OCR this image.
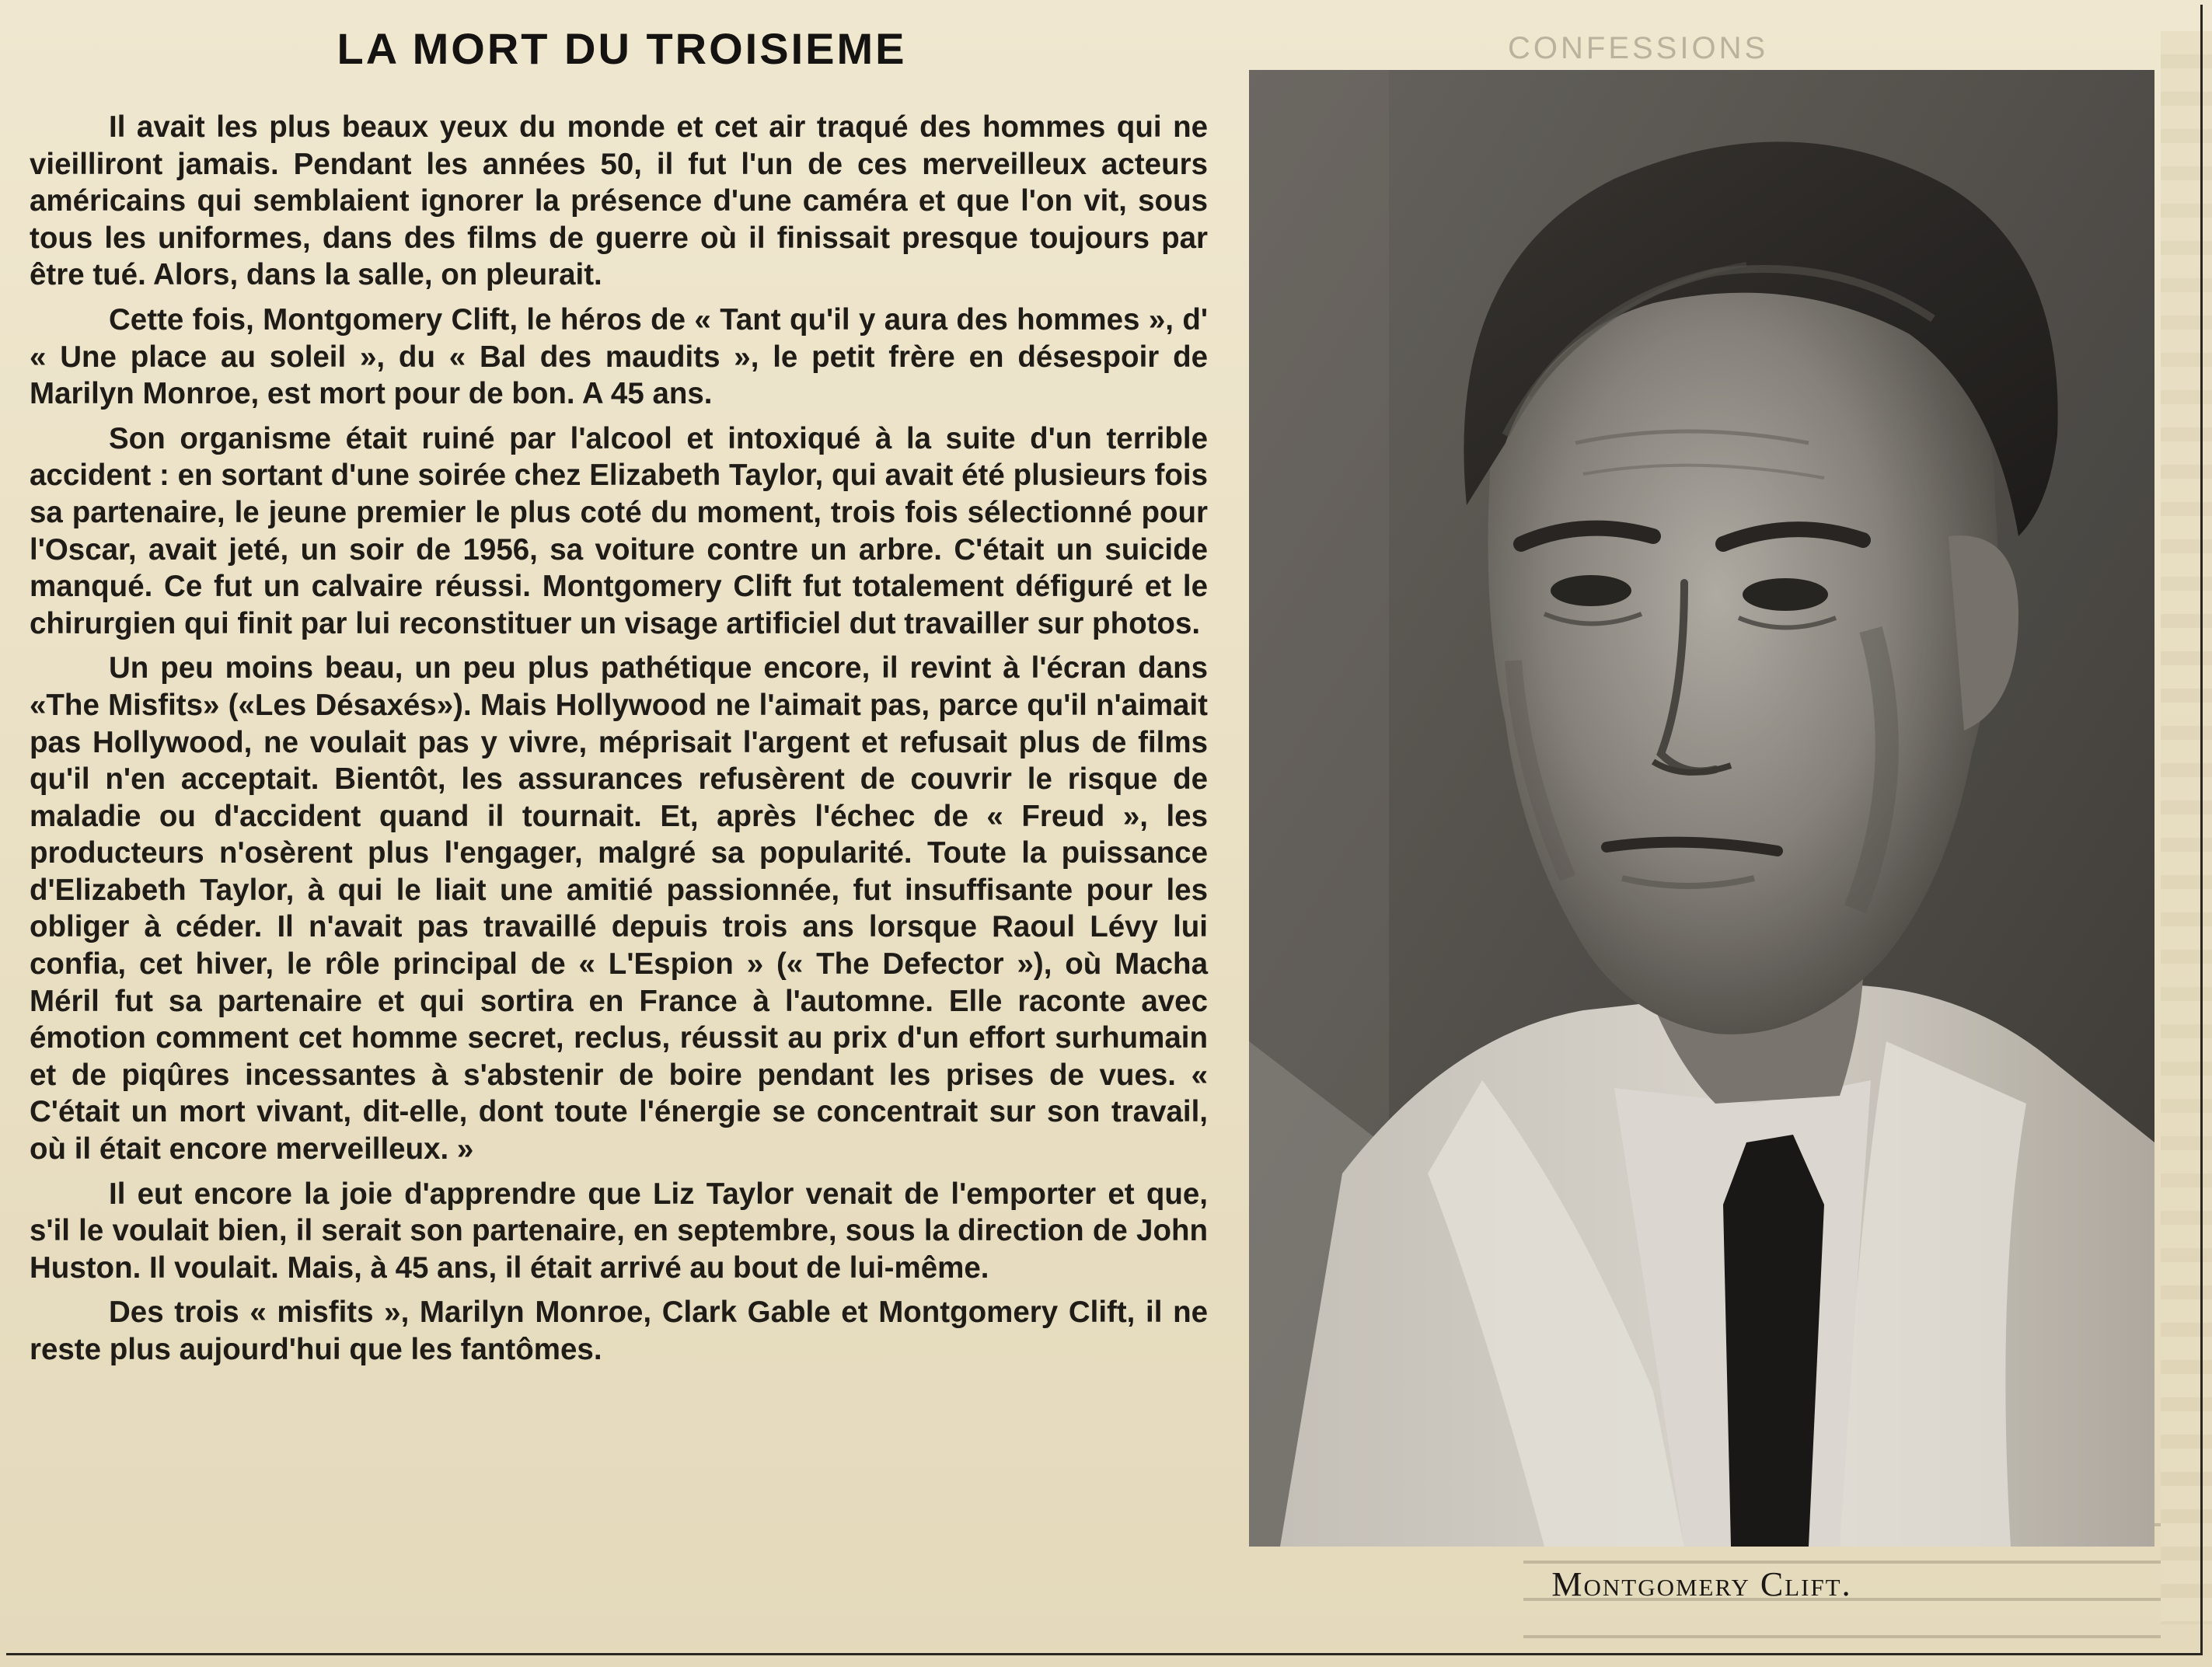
CONFESSIONS
LA MORT DU TROISIEME

Il avait les plus beaux yeux du monde et cet air traqué des hommes qui ne vieilliront jamais. Pendant les années 50, il fut l'un de ces merveilleux acteurs américains qui semblaient ignorer la présence d'une caméra et que l'on vit, sous tous les uniformes, dans des films de guerre où il finissait presque toujours par être tué. Alors, dans la salle, on pleurait.

Cette fois, Montgomery Clift, le héros de « Tant qu'il y aura des hommes », d' « Une place au soleil », du « Bal des maudits », le petit frère en désespoir de Marilyn Monroe, est mort pour de bon. A 45 ans.

Son organisme était ruiné par l'alcool et intoxiqué à la suite d'un terrible accident : en sortant d'une soirée chez Elizabeth Taylor, qui avait été plusieurs fois sa partenaire, le jeune premier le plus coté du moment, trois fois sélectionné pour l'Oscar, avait jeté, un soir de 1956, sa voiture contre un arbre. C'était un suicide manqué. Ce fut un calvaire réussi. Montgomery Clift fut totalement défiguré et le chirurgien qui finit par lui reconstituer un visage artificiel dut travailler sur photos.

Un peu moins beau, un peu plus pathétique encore, il revint à l'écran dans «The Misfits» («Les Désaxés»). Mais Hollywood ne l'aimait pas, parce qu'il n'aimait pas Hollywood, ne voulait pas y vivre, méprisait l'argent et refusait plus de films qu'il n'en acceptait. Bientôt, les assurances refusèrent de couvrir le risque de maladie ou d'accident quand il tournait. Et, après l'échec de « Freud », les producteurs n'osèrent plus l'engager, malgré sa popularité. Toute la puissance d'Elizabeth Taylor, à qui le liait une amitié passionnée, fut insuffisante pour les obliger à céder. Il n'avait pas travaillé depuis trois ans lorsque Raoul Lévy lui confia, cet hiver, le rôle principal de « L'Espion » (« The Defector »), où Macha Méril fut sa partenaire et qui sortira en France à l'automne. Elle raconte avec émotion comment cet homme secret, reclus, réussit au prix d'un effort surhumain et de piqûres incessantes à s'abstenir de boire pendant les prises de vues. « C'était un mort vivant, dit-elle, dont toute l'énergie se concentrait sur son travail, où il était encore merveilleux. »

Il eut encore la joie d'apprendre que Liz Taylor venait de l'emporter et que, s'il le voulait bien, il serait son partenaire, en septembre, sous la direction de John Huston. Il voulait. Mais, à 45 ans, il était arrivé au bout de lui-même.

Des trois « misfits », Marilyn Monroe, Clark Gable et Montgomery Clift, il ne reste plus aujourd'hui que les fantômes.

Montgomery Clift.
